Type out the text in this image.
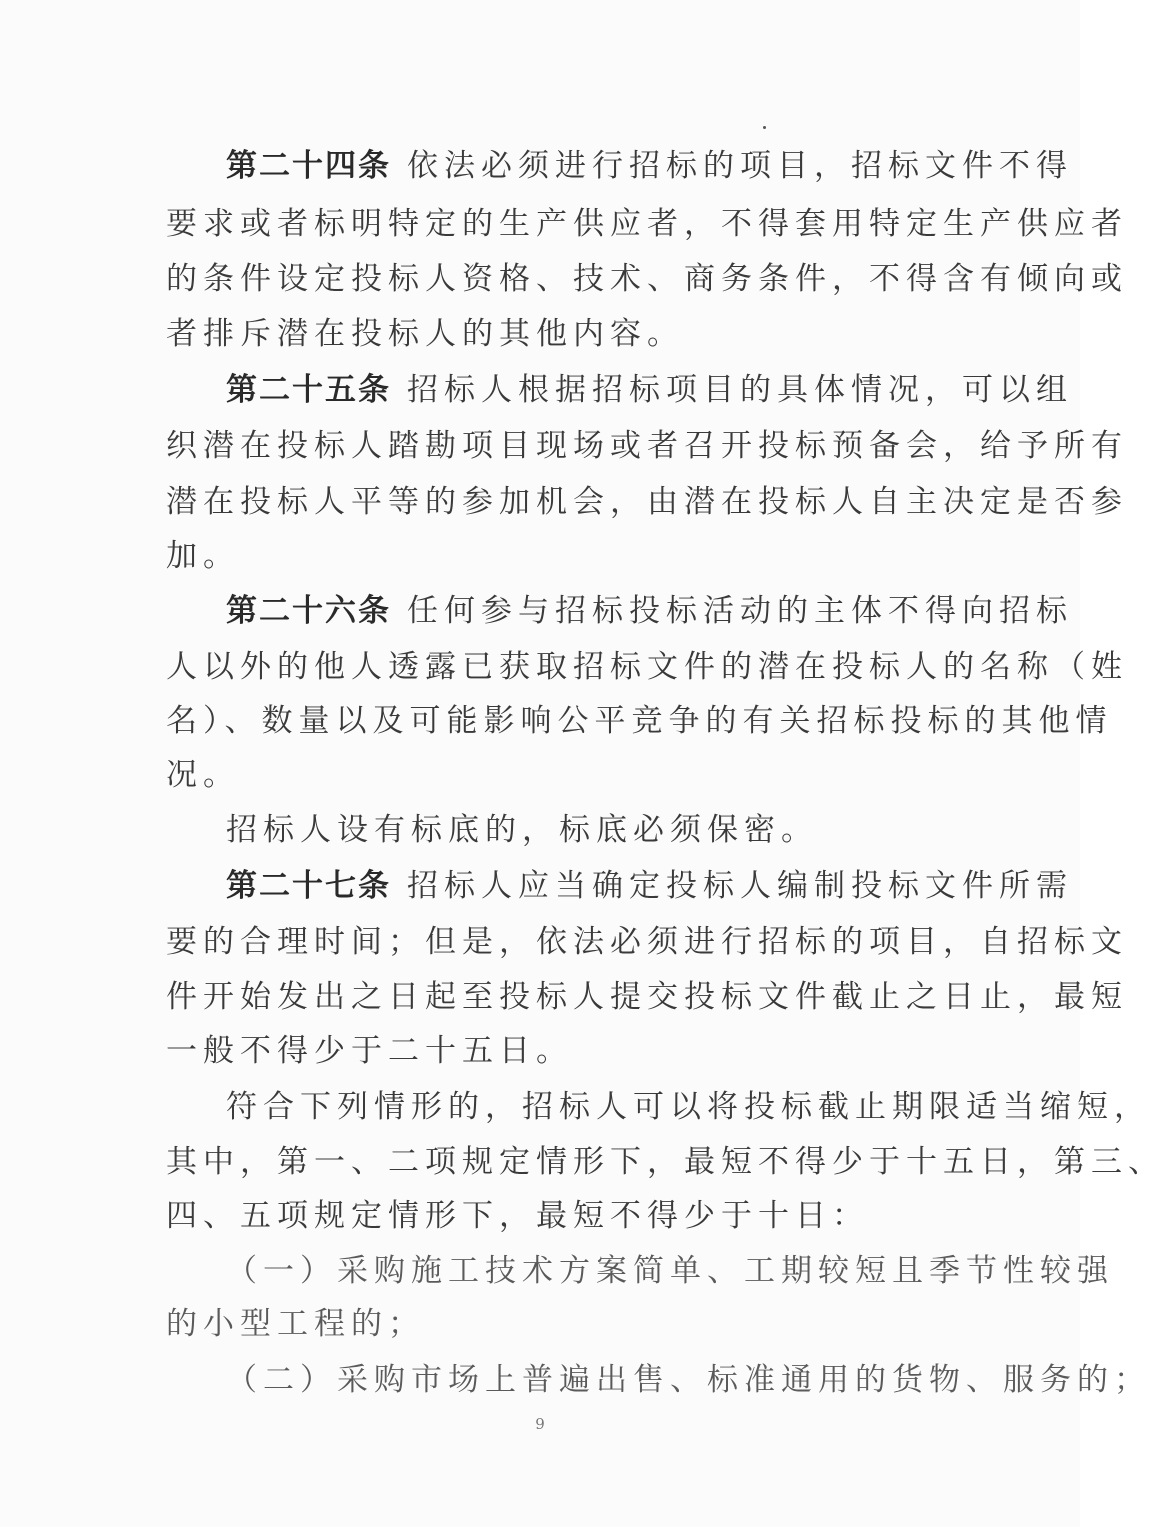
第二十四条 依法必须进行招标的项目，招标文件不得
要求或者标明特定的生产供应者，不得套用特定生产供应者
的条件设定投标人资格、技术、商务条件，不得含有倾向或
者排斥潜在投标人的其他内容。
第二十五条 招标人根据招标项目的具体情况，可以组
织潜在投标人踏勘项目现场或者召开投标预备会，给予所有
潜在投标人平等的参加机会，由潜在投标人自主决定是否参
加。
第二十六条 任何参与招标投标活动的主体不得向招标
人以外的他人透露已获取招标文件的潜在投标人的名称（姓
名）、数量以及可能影响公平竞争的有关招标投标的其他情
况。
招标人设有标底的，标底必须保密。
第二十七条 招标人应当确定投标人编制投标文件所需
要的合理时间；但是，依法必须进行招标的项目，自招标文
件开始发出之日起至投标人提交投标文件截止之日止，最短
一般不得少于二十五日。
符合下列情形的，招标人可以将投标截止期限适当缩短，
其中，第一、二项规定情形下，最短不得少于十五日，第三、
四、五项规定情形下，最短不得少于十日：
（一）采购施工技术方案简单、工期较短且季节性较强
的小型工程的；
（二）采购市场上普遍出售、标准通用的货物、服务的；
9
